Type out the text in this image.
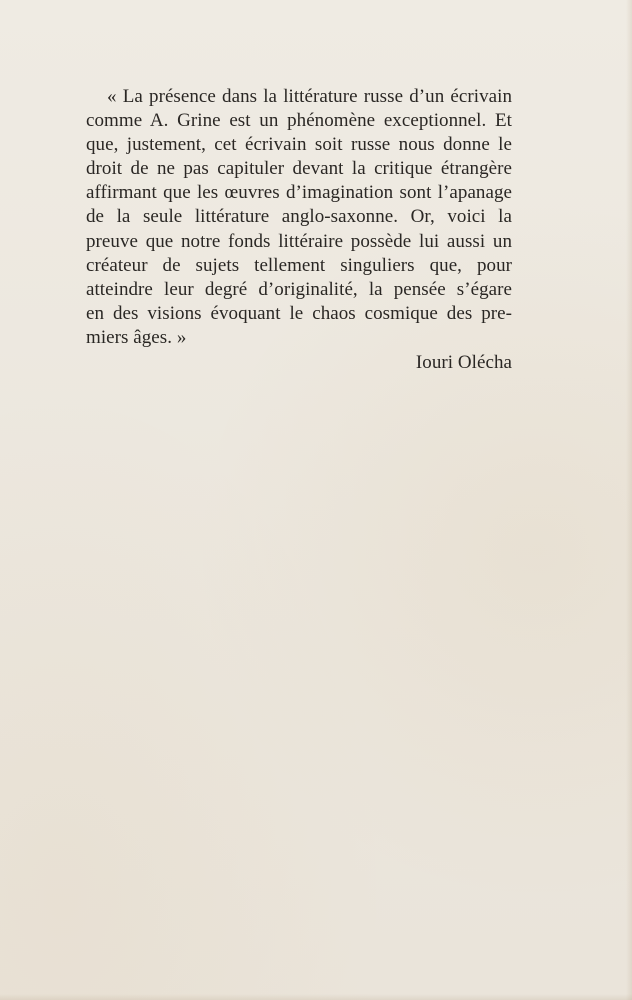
« La présence dans la littérature russe d’un écrivain
comme A. Grine est un phénomène exceptionnel. Et
que, justement, cet écrivain soit russe nous donne le
droit de ne pas capituler devant la critique étrangère
affirmant que les œuvres d’imagination sont l’apanage
de la seule littérature anglo-saxonne. Or, voici la
preuve que notre fonds littéraire possède lui aussi un
créateur de sujets tellement singuliers que, pour
atteindre leur degré d’originalité, la pensée s’égare
en des visions évoquant le chaos cosmique des pre-
miers âges. »
Iouri Olécha
